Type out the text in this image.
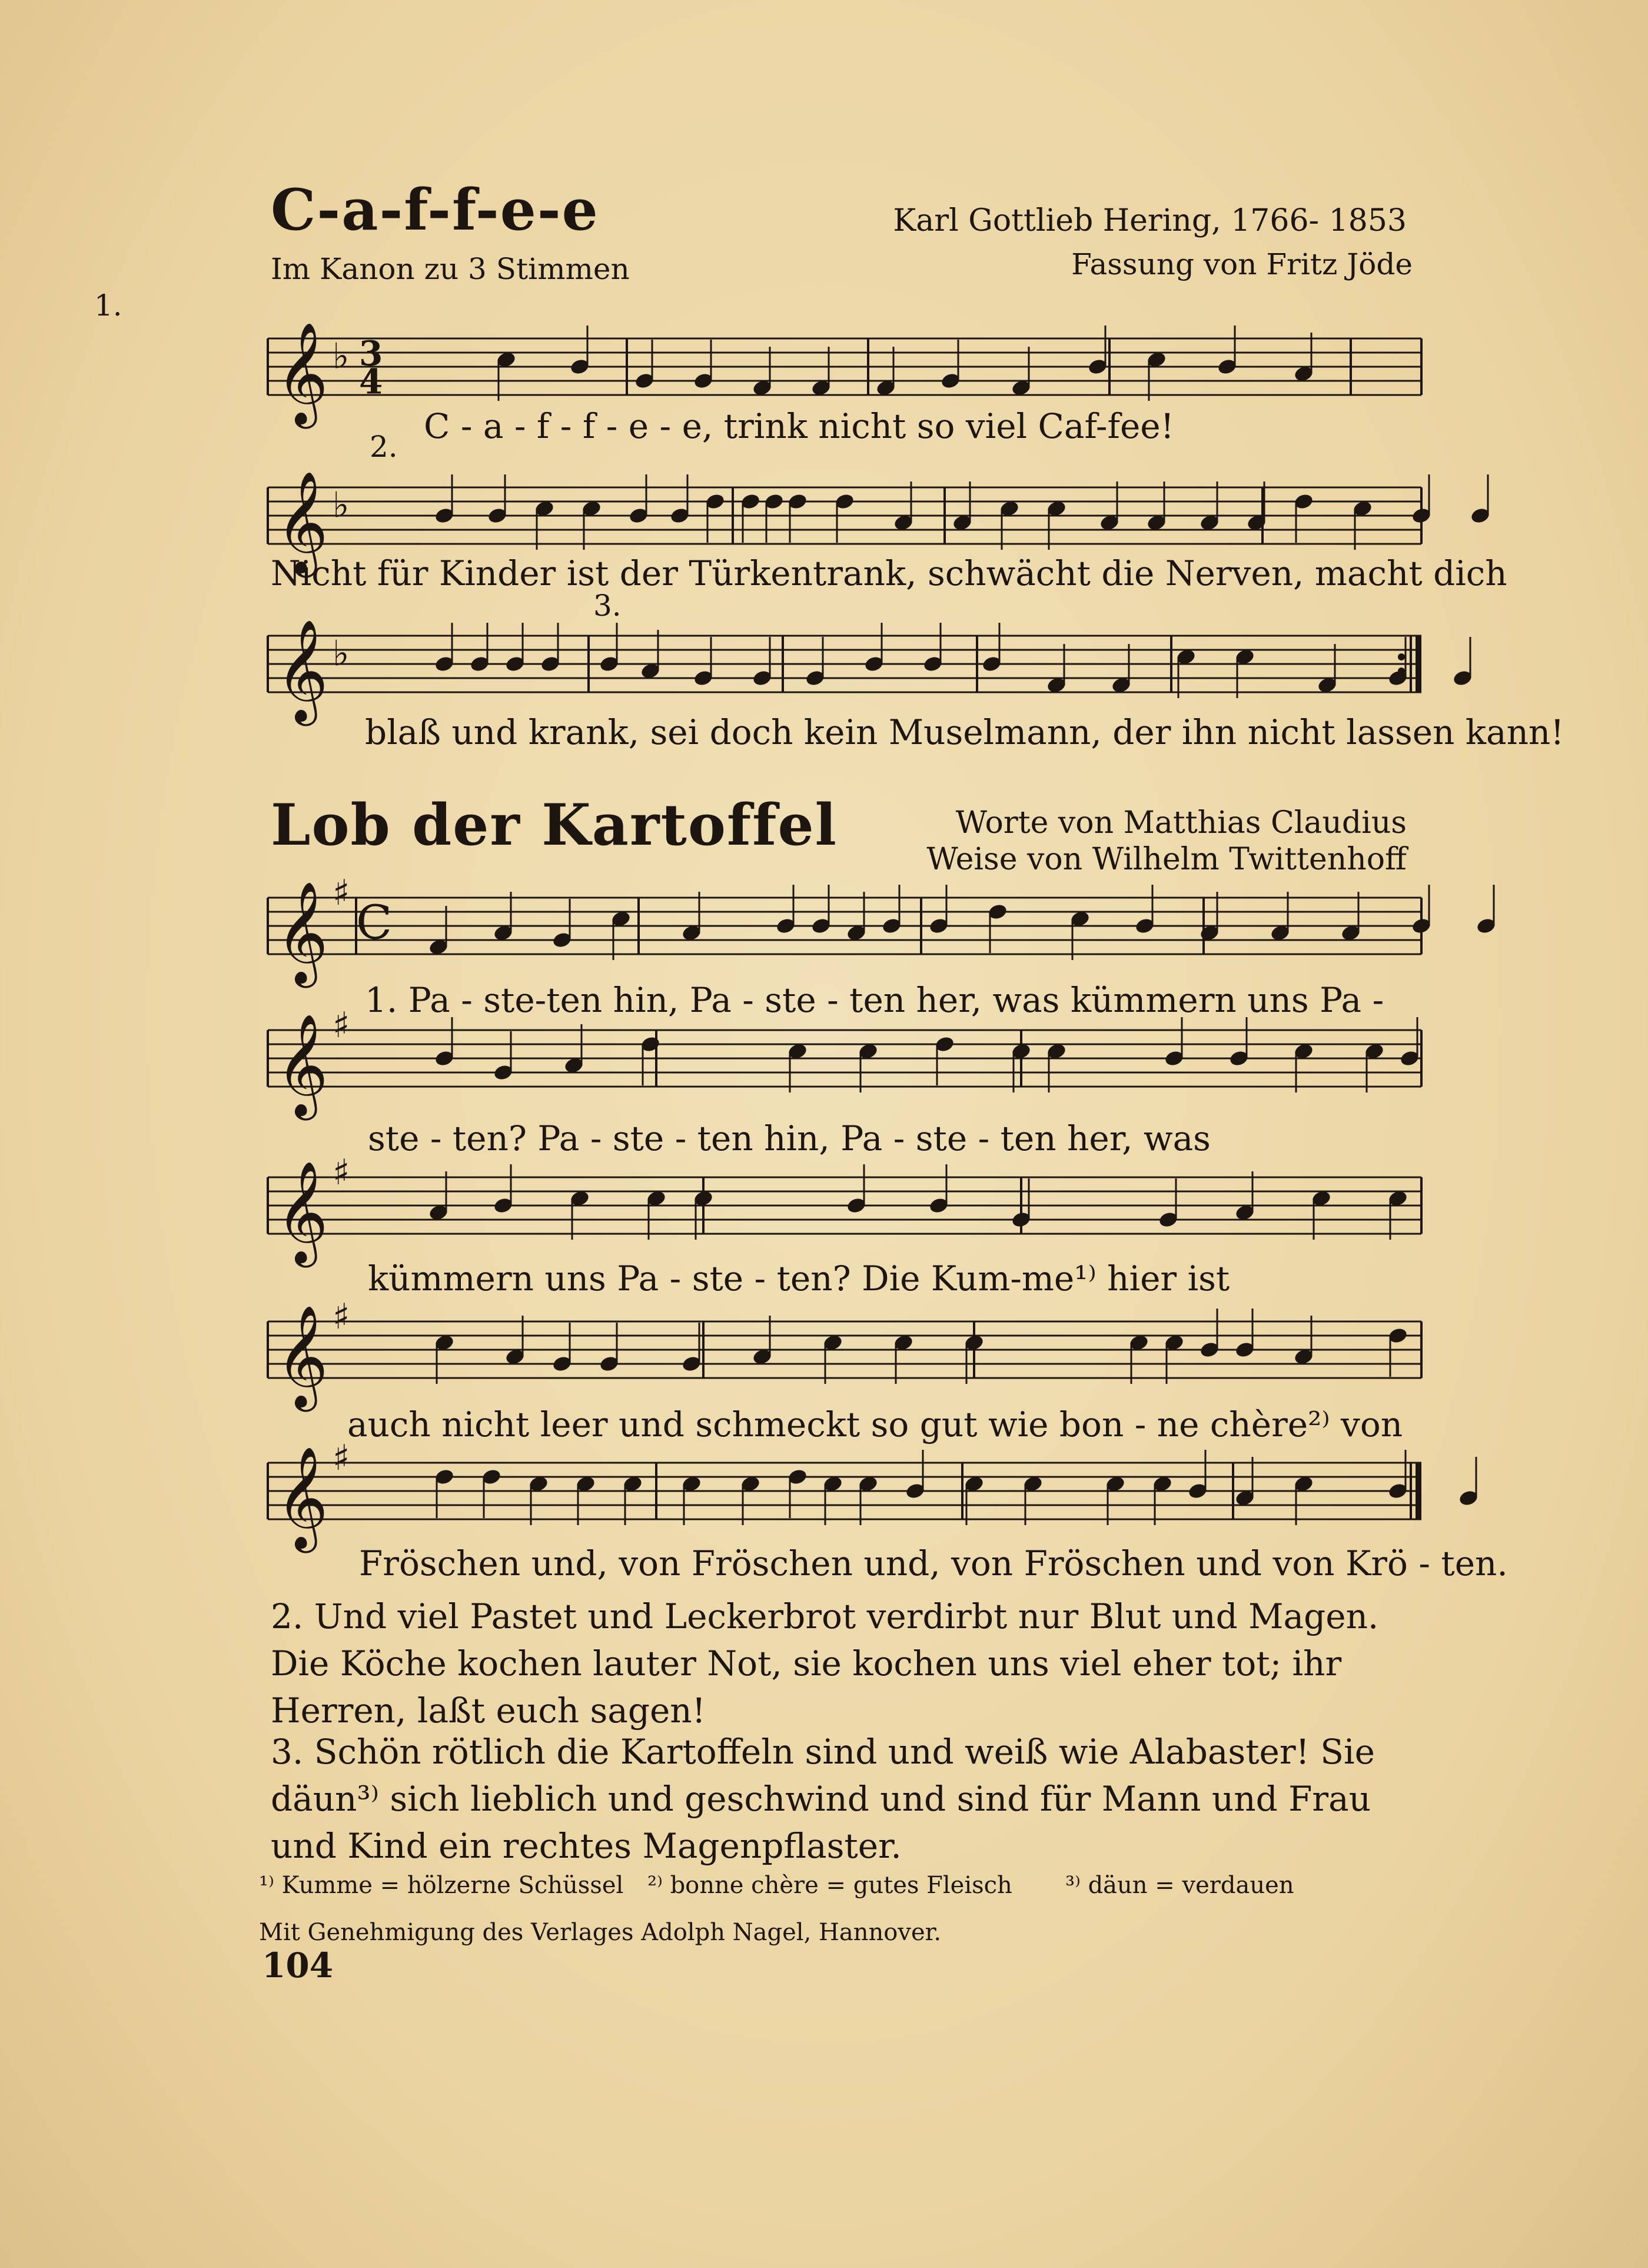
C-a-f-f-e-e	Karl Gottlieb Hering, 1766- 1853
Im Kanon zu 3 Stimmen	Fassung von Fritz Jöde
𝄞 ♭ 3
4
1.
C - a - f - f - e - e, trink nicht so viel Caf-fee!
2.
𝄞 ♭
Nicht für Kinder ist der Türkentrank, schwächt die Nerven, macht dich
3.
𝄞 ♭
blaß und krank, sei doch kein Muselmann, der ihn nicht lassen kann!
Lob der Kartoffel	Worte von Matthias Claudius
Weise von Wilhelm Twittenhoff
𝄞 ♯
C
1. Pa - ste-ten hin, Pa - ste - ten her, was kümmern uns Pa -
𝄞 ♯
ste - ten? Pa - ste - ten hin, Pa - ste - ten her, was
𝄞 ♯
kümmern uns Pa - ste - ten? Die Kum-me¹⁾ hier ist
𝄞 ♯
auch nicht leer und schmeckt so gut wie bon - ne chère²⁾ von
𝄞 ♯
Fröschen und, von Fröschen und, von Fröschen und von Krö - ten.
2. Und viel Pastet und Leckerbrot verdirbt nur Blut und Magen. Die Köche kochen lauter Not, sie kochen uns viel eher tot; ihr Herren, laßt euch sagen!
3. Schön rötlich die Kartoffeln sind und weiß wie Alabaster! Sie däun³⁾ sich lieblich und geschwind und sind für Mann und Frau und Kind ein rechtes Magenpflaster.
¹⁾ Kumme = hölzerne Schüssel ²⁾ bonne chère = gutes Fleisch ³⁾ däun = verdauen
Mit Genehmigung des Verlages Adolph Nagel, Hannover.
104
